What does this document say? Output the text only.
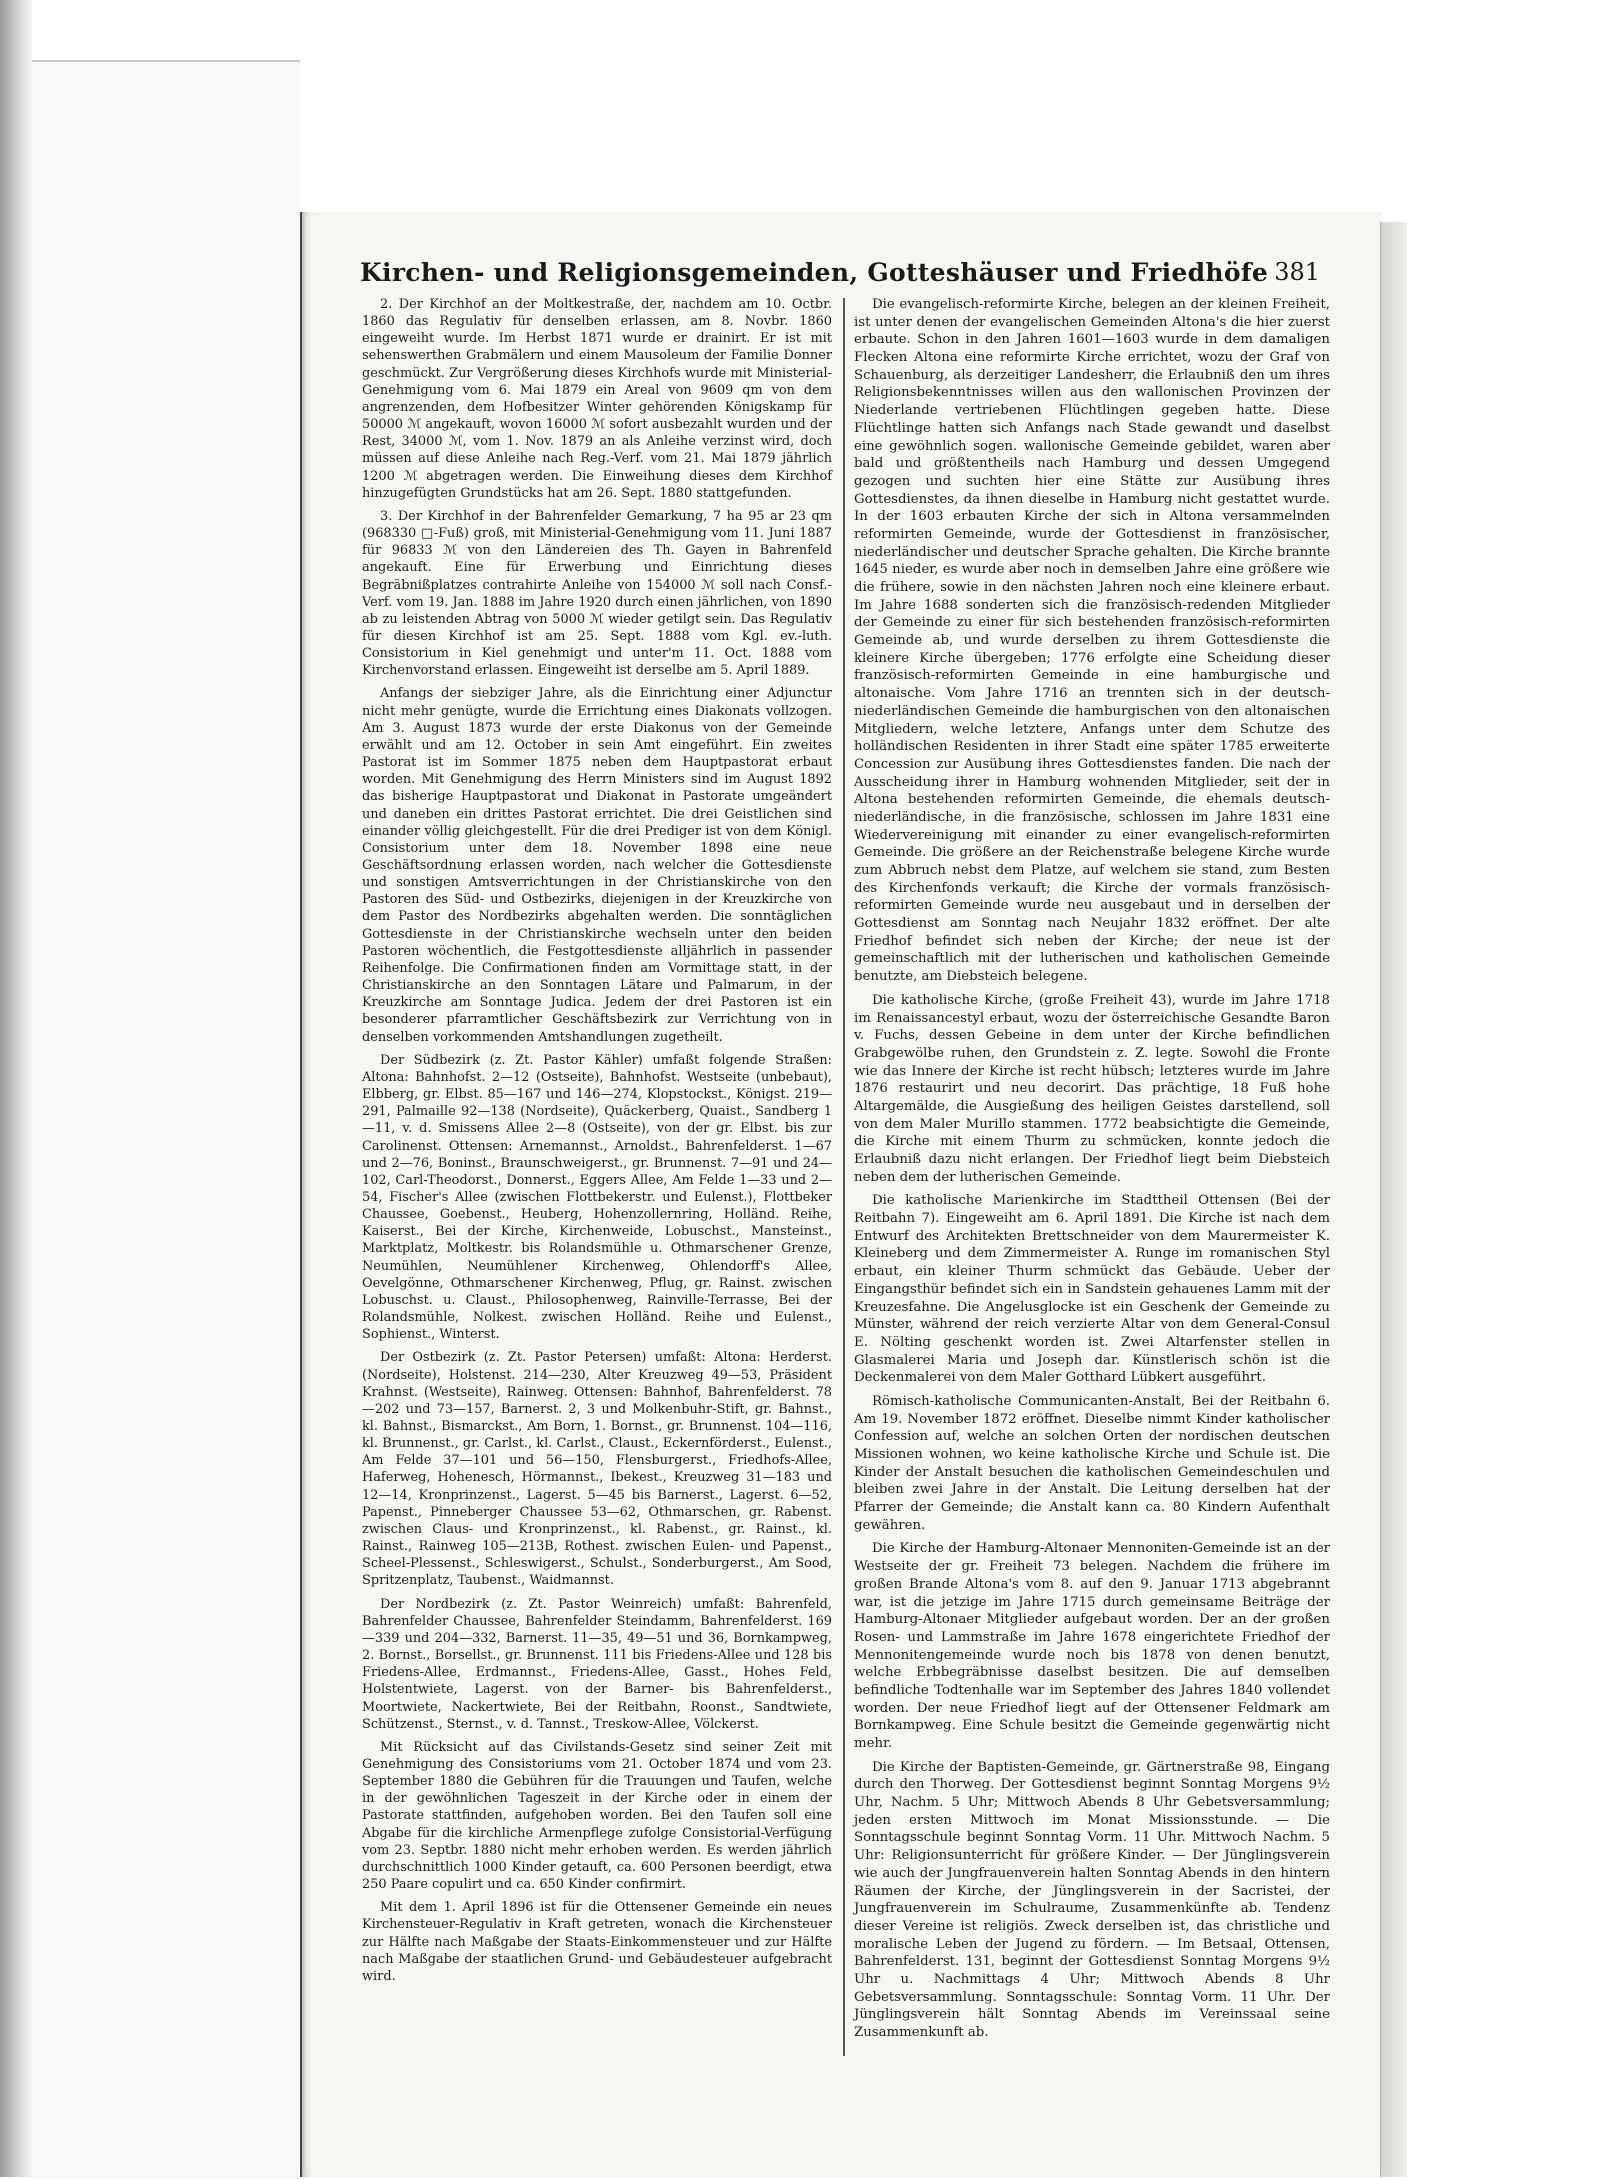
Kirchen- und Religionsgemeinden, Gotteshäuser und Friedhöfe 381

2. Der Kirchhof an der Moltkestraße, der, nachdem am 10. Octbr. 1860 das Regulativ für denselben erlassen, am 8. Novbr. 1860 eingeweiht wurde. Im Herbst 1871 wurde er drainirt. Er ist mit sehenswerthen Grabmälern und einem Mausoleum der Familie Donner geschmückt. Zur Vergrößerung dieses Kirchhofs wurde mit Ministerial-Genehmigung vom 6. Mai 1879 ein Areal von 9609 qm von dem angrenzenden, dem Hofbesitzer Winter gehörenden Königskamp für 50000 ℳ angekauft, wovon 16000 ℳ sofort ausbezahlt wurden und der Rest, 34000 ℳ, vom 1. Nov. 1879 an als Anleihe verzinst wird, doch müssen auf diese Anleihe nach Reg.-Verf. vom 21. Mai 1879 jährlich 1200 ℳ abgetragen werden. Die Einweihung dieses dem Kirchhof hinzugefügten Grundstücks hat am 26. Sept. 1880 stattgefunden.

3. Der Kirchhof in der Bahrenfelder Gemarkung, 7 ha 95 ar 23 qm (968330 □-Fuß) groß, mit Ministerial-Genehmigung vom 11. Juni 1887 für 96833 ℳ von den Ländereien des Th. Gayen in Bahrenfeld angekauft. Eine für Erwerbung und Einrichtung dieses Begräbnißplatzes contrahirte Anleihe von 154000 ℳ soll nach Consf.-Verf. vom 19. Jan. 1888 im Jahre 1920 durch einen jährlichen, von 1890 ab zu leistenden Abtrag von 5000 ℳ wieder getilgt sein. Das Regulativ für diesen Kirchhof ist am 25. Sept. 1888 vom Kgl. ev.-luth. Consistorium in Kiel genehmigt und unter'm 11. Oct. 1888 vom Kirchenvorstand erlassen. Eingeweiht ist derselbe am 5. April 1889.

Anfangs der siebziger Jahre, als die Einrichtung einer Adjunctur nicht mehr genügte, wurde die Errichtung eines Diakonats vollzogen. Am 3. August 1873 wurde der erste Diakonus von der Gemeinde erwählt und am 12. October in sein Amt eingeführt. Ein zweites Pastorat ist im Sommer 1875 neben dem Hauptpastorat erbaut worden. Mit Genehmigung des Herrn Ministers sind im August 1892 das bisherige Hauptpastorat und Diakonat in Pastorate umgeändert und daneben ein drittes Pastorat errichtet. Die drei Geistlichen sind einander völlig gleichgestellt. Für die drei Prediger ist von dem Königl. Consistorium unter dem 18. November 1898 eine neue Geschäftsordnung erlassen worden, nach welcher die Gottesdienste und sonstigen Amtsverrichtungen in der Christianskirche von den Pastoren des Süd- und Ostbezirks, diejenigen in der Kreuzkirche von dem Pastor des Nordbezirks abgehalten werden. Die sonntäglichen Gottesdienste in der Christianskirche wechseln unter den beiden Pastoren wöchentlich, die Festgottesdienste alljährlich in passender Reihenfolge. Die Confirmationen finden am Vormittage statt, in der Christianskirche an den Sonntagen Lätare und Palmarum, in der Kreuzkirche am Sonntage Judica. Jedem der drei Pastoren ist ein besonderer pfarramtlicher Geschäftsbezirk zur Verrichtung von in denselben vorkommenden Amtshandlungen zugetheilt.

Der Südbezirk (z. Zt. Pastor Kähler) umfaßt folgende Straßen: Altona: Bahnhofst. 2—12 (Ostseite), Bahnhofst. Westseite (unbebaut), Elbberg, gr. Elbst. 85—167 und 146—274, Klopstockst., Königst. 219—291, Palmaille 92—138 (Nordseite), Quäckerberg, Quaist., Sandberg 1—11, v. d. Smissens Allee 2—8 (Ostseite), von der gr. Elbst. bis zur Carolinenst. Ottensen: Arnemannst., Arnoldst., Bahrenfelderst. 1—67 und 2—76, Boninst., Braunschweigerst., gr. Brunnenst. 7—91 und 24—102, Carl-Theodorst., Donnerst., Eggers Allee, Am Felde 1—33 und 2—54, Fischer's Allee (zwischen Flottbekerstr. und Eulenst.), Flottbeker Chaussee, Goebenst., Heuberg, Hohenzollernring, Holländ. Reihe, Kaiserst., Bei der Kirche, Kirchenweide, Lobuschst., Mansteinst., Marktplatz, Moltkestr. bis Rolandsmühle u. Othmarschener Grenze, Neumühlen, Neumühlener Kirchenweg, Ohlendorff's Allee, Oevelgönne, Othmarschener Kirchenweg, Pflug, gr. Rainst. zwischen Lobuschst. u. Claust., Philosophenweg, Rainville-Terrasse, Bei der Rolandsmühle, Nolkest. zwischen Holländ. Reihe und Eulenst., Sophienst., Winterst.

Der Ostbezirk (z. Zt. Pastor Petersen) umfaßt: Altona: Herderst. (Nordseite), Holstenst. 214—230, Alter Kreuzweg 49—53, Präsident Krahnst. (Westseite), Rainweg. Ottensen: Bahnhof, Bahrenfelderst. 78—202 und 73—157, Barnerst. 2, 3 und Molkenbuhr-Stift, gr. Bahnst., kl. Bahnst., Bismarckst., Am Born, 1. Bornst., gr. Brunnenst. 104—116, kl. Brunnenst., gr. Carlst., kl. Carlst., Claust., Eckernförderst., Eulenst., Am Felde 37—101 und 56—150, Flensburgerst., Friedhofs-Allee, Haferweg, Hohenesch, Hörmannst., Ibekest., Kreuzweg 31—183 und 12—14, Kronprinzenst., Lagerst. 5—45 bis Barnerst., Lagerst. 6—52, Papenst., Pinneberger Chaussee 53—62, Othmarschen, gr. Rabenst. zwischen Claus- und Kronprinzenst., kl. Rabenst., gr. Rainst., kl. Rainst., Rainweg 105—213B, Rothest. zwischen Eulen- und Papenst., Scheel-Plessenst., Schleswigerst., Schulst., Sonderburgerst., Am Sood, Spritzenplatz, Taubenst., Waidmannst.

Der Nordbezirk (z. Zt. Pastor Weinreich) umfaßt: Bahrenfeld, Bahrenfelder Chaussee, Bahrenfelder Steindamm, Bahrenfelderst. 169—339 und 204—332, Barnerst. 11—35, 49—51 und 36, Bornkampweg, 2. Bornst., Borsellst., gr. Brunnenst. 111 bis Friedens-Allee und 128 bis Friedens-Allee, Erdmannst., Friedens-Allee, Gasst., Hohes Feld, Holstentwiete, Lagerst. von der Barner- bis Bahrenfelderst., Moortwiete, Nackertwiete, Bei der Reitbahn, Roonst., Sandtwiete, Schützenst., Sternst., v. d. Tannst., Treskow-Allee, Völckerst.

Mit Rücksicht auf das Civilstands-Gesetz sind seiner Zeit mit Genehmigung des Consistoriums vom 21. October 1874 und vom 23. September 1880 die Gebühren für die Trauungen und Taufen, welche in der gewöhnlichen Tageszeit in der Kirche oder in einem der Pastorate stattfinden, aufgehoben worden. Bei den Taufen soll eine Abgabe für die kirchliche Armenpflege zufolge Consistorial-Verfügung vom 23. Septbr. 1880 nicht mehr erhoben werden. Es werden jährlich durchschnittlich 1000 Kinder getauft, ca. 600 Personen beerdigt, etwa 250 Paare copulirt und ca. 650 Kinder confirmirt.

Mit dem 1. April 1896 ist für die Ottensener Gemeinde ein neues Kirchensteuer-Regulativ in Kraft getreten, wonach die Kirchensteuer zur Hälfte nach Maßgabe der Staats-Einkommensteuer und zur Hälfte nach Maßgabe der staatlichen Grund- und Gebäudesteuer aufgebracht wird.

Die evangelisch-reformirte Kirche, belegen an der kleinen Freiheit, ist unter denen der evangelischen Gemeinden Altona's die hier zuerst erbaute. Schon in den Jahren 1601—1603 wurde in dem damaligen Flecken Altona eine reformirte Kirche errichtet, wozu der Graf von Schauenburg, als derzeitiger Landesherr, die Erlaubniß den um ihres Religionsbekenntnisses willen aus den wallonischen Provinzen der Niederlande vertriebenen Flüchtlingen gegeben hatte. Diese Flüchtlinge hatten sich Anfangs nach Stade gewandt und daselbst eine gewöhnlich sogen. wallonische Gemeinde gebildet, waren aber bald und größtentheils nach Hamburg und dessen Umgegend gezogen und suchten hier eine Stätte zur Ausübung ihres Gottesdienstes, da ihnen dieselbe in Hamburg nicht gestattet wurde. In der 1603 erbauten Kirche der sich in Altona versammelnden reformirten Gemeinde, wurde der Gottesdienst in französischer, niederländischer und deutscher Sprache gehalten. Die Kirche brannte 1645 nieder, es wurde aber noch in demselben Jahre eine größere wie die frühere, sowie in den nächsten Jahren noch eine kleinere erbaut. Im Jahre 1688 sonderten sich die französisch-redenden Mitglieder der Gemeinde zu einer für sich bestehenden französisch-reformirten Gemeinde ab, und wurde derselben zu ihrem Gottesdienste die kleinere Kirche übergeben; 1776 erfolgte eine Scheidung dieser französisch-reformirten Gemeinde in eine hamburgische und altonaische. Vom Jahre 1716 an trennten sich in der deutsch-niederländischen Gemeinde die hamburgischen von den altonaischen Mitgliedern, welche letztere, Anfangs unter dem Schutze des holländischen Residenten in ihrer Stadt eine später 1785 erweiterte Concession zur Ausübung ihres Gottesdienstes fanden. Die nach der Ausscheidung ihrer in Hamburg wohnenden Mitglieder, seit der in Altona bestehenden reformirten Gemeinde, die ehemals deutsch-niederländische, in die französische, schlossen im Jahre 1831 eine Wiedervereinigung mit einander zu einer evangelisch-reformirten Gemeinde. Die größere an der Reichenstraße belegene Kirche wurde zum Abbruch nebst dem Platze, auf welchem sie stand, zum Besten des Kirchenfonds verkauft; die Kirche der vormals französisch-reformirten Gemeinde wurde neu ausgebaut und in derselben der Gottesdienst am Sonntag nach Neujahr 1832 eröffnet. Der alte Friedhof befindet sich neben der Kirche; der neue ist der gemeinschaftlich mit der lutherischen und katholischen Gemeinde benutzte, am Diebsteich belegene.

Die katholische Kirche, (große Freiheit 43), wurde im Jahre 1718 im Renaissancestyl erbaut, wozu der österreichische Gesandte Baron v. Fuchs, dessen Gebeine in dem unter der Kirche befindlichen Grabgewölbe ruhen, den Grundstein z. Z. legte. Sowohl die Fronte wie das Innere der Kirche ist recht hübsch; letzteres wurde im Jahre 1876 restaurirt und neu decorirt. Das prächtige, 18 Fuß hohe Altargemälde, die Ausgießung des heiligen Geistes darstellend, soll von dem Maler Murillo stammen. 1772 beabsichtigte die Gemeinde, die Kirche mit einem Thurm zu schmücken, konnte jedoch die Erlaubniß dazu nicht erlangen. Der Friedhof liegt beim Diebsteich neben dem der lutherischen Gemeinde.

Die katholische Marienkirche im Stadttheil Ottensen (Bei der Reitbahn 7). Eingeweiht am 6. April 1891. Die Kirche ist nach dem Entwurf des Architekten Brettschneider von dem Maurermeister K. Kleineberg und dem Zimmermeister A. Runge im romanischen Styl erbaut, ein kleiner Thurm schmückt das Gebäude. Ueber der Eingangsthür befindet sich ein in Sandstein gehauenes Lamm mit der Kreuzesfahne. Die Angelusglocke ist ein Geschenk der Gemeinde zu Münster, während der reich verzierte Altar von dem General-Consul E. Nölting geschenkt worden ist. Zwei Altarfenster stellen in Glasmalerei Maria und Joseph dar. Künstlerisch schön ist die Deckenmalerei von dem Maler Gotthard Lübkert ausgeführt.

Römisch-katholische Communicanten-Anstalt, Bei der Reitbahn 6. Am 19. November 1872 eröffnet. Dieselbe nimmt Kinder katholischer Confession auf, welche an solchen Orten der nordischen deutschen Missionen wohnen, wo keine katholische Kirche und Schule ist. Die Kinder der Anstalt besuchen die katholischen Gemeindeschulen und bleiben zwei Jahre in der Anstalt. Die Leitung derselben hat der Pfarrer der Gemeinde; die Anstalt kann ca. 80 Kindern Aufenthalt gewähren.

Die Kirche der Hamburg-Altonaer Mennoniten-Gemeinde ist an der Westseite der gr. Freiheit 73 belegen. Nachdem die frühere im großen Brande Altona's vom 8. auf den 9. Januar 1713 abgebrannt war, ist die jetzige im Jahre 1715 durch gemeinsame Beiträge der Hamburg-Altonaer Mitglieder aufgebaut worden. Der an der großen Rosen- und Lammstraße im Jahre 1678 eingerichtete Friedhof der Mennonitengemeinde wurde noch bis 1878 von denen benutzt, welche Erbbegräbnisse daselbst besitzen. Die auf demselben befindliche Todtenhalle war im September des Jahres 1840 vollendet worden. Der neue Friedhof liegt auf der Ottensener Feldmark am Bornkampweg. Eine Schule besitzt die Gemeinde gegenwärtig nicht mehr.

Die Kirche der Baptisten-Gemeinde, gr. Gärtnerstraße 98, Eingang durch den Thorweg. Der Gottesdienst beginnt Sonntag Morgens 9½ Uhr, Nachm. 5 Uhr; Mittwoch Abends 8 Uhr Gebetsversammlung; jeden ersten Mittwoch im Monat Missionsstunde. — Die Sonntagsschule beginnt Sonntag Vorm. 11 Uhr. Mittwoch Nachm. 5 Uhr: Religionsunterricht für größere Kinder. — Der Jünglingsverein wie auch der Jungfrauenverein halten Sonntag Abends in den hintern Räumen der Kirche, der Jünglingsverein in der Sacristei, der Jungfrauenverein im Schulraume, Zusammenkünfte ab. Tendenz dieser Vereine ist religiös. Zweck derselben ist, das christliche und moralische Leben der Jugend zu fördern. — Im Betsaal, Ottensen, Bahrenfelderst. 131, beginnt der Gottesdienst Sonntag Morgens 9½ Uhr u. Nachmittags 4 Uhr; Mittwoch Abends 8 Uhr Gebetsversammlung. Sonntagsschule: Sonntag Vorm. 11 Uhr. Der Jünglingsverein hält Sonntag Abends im Vereinssaal seine Zusammenkunft ab.
